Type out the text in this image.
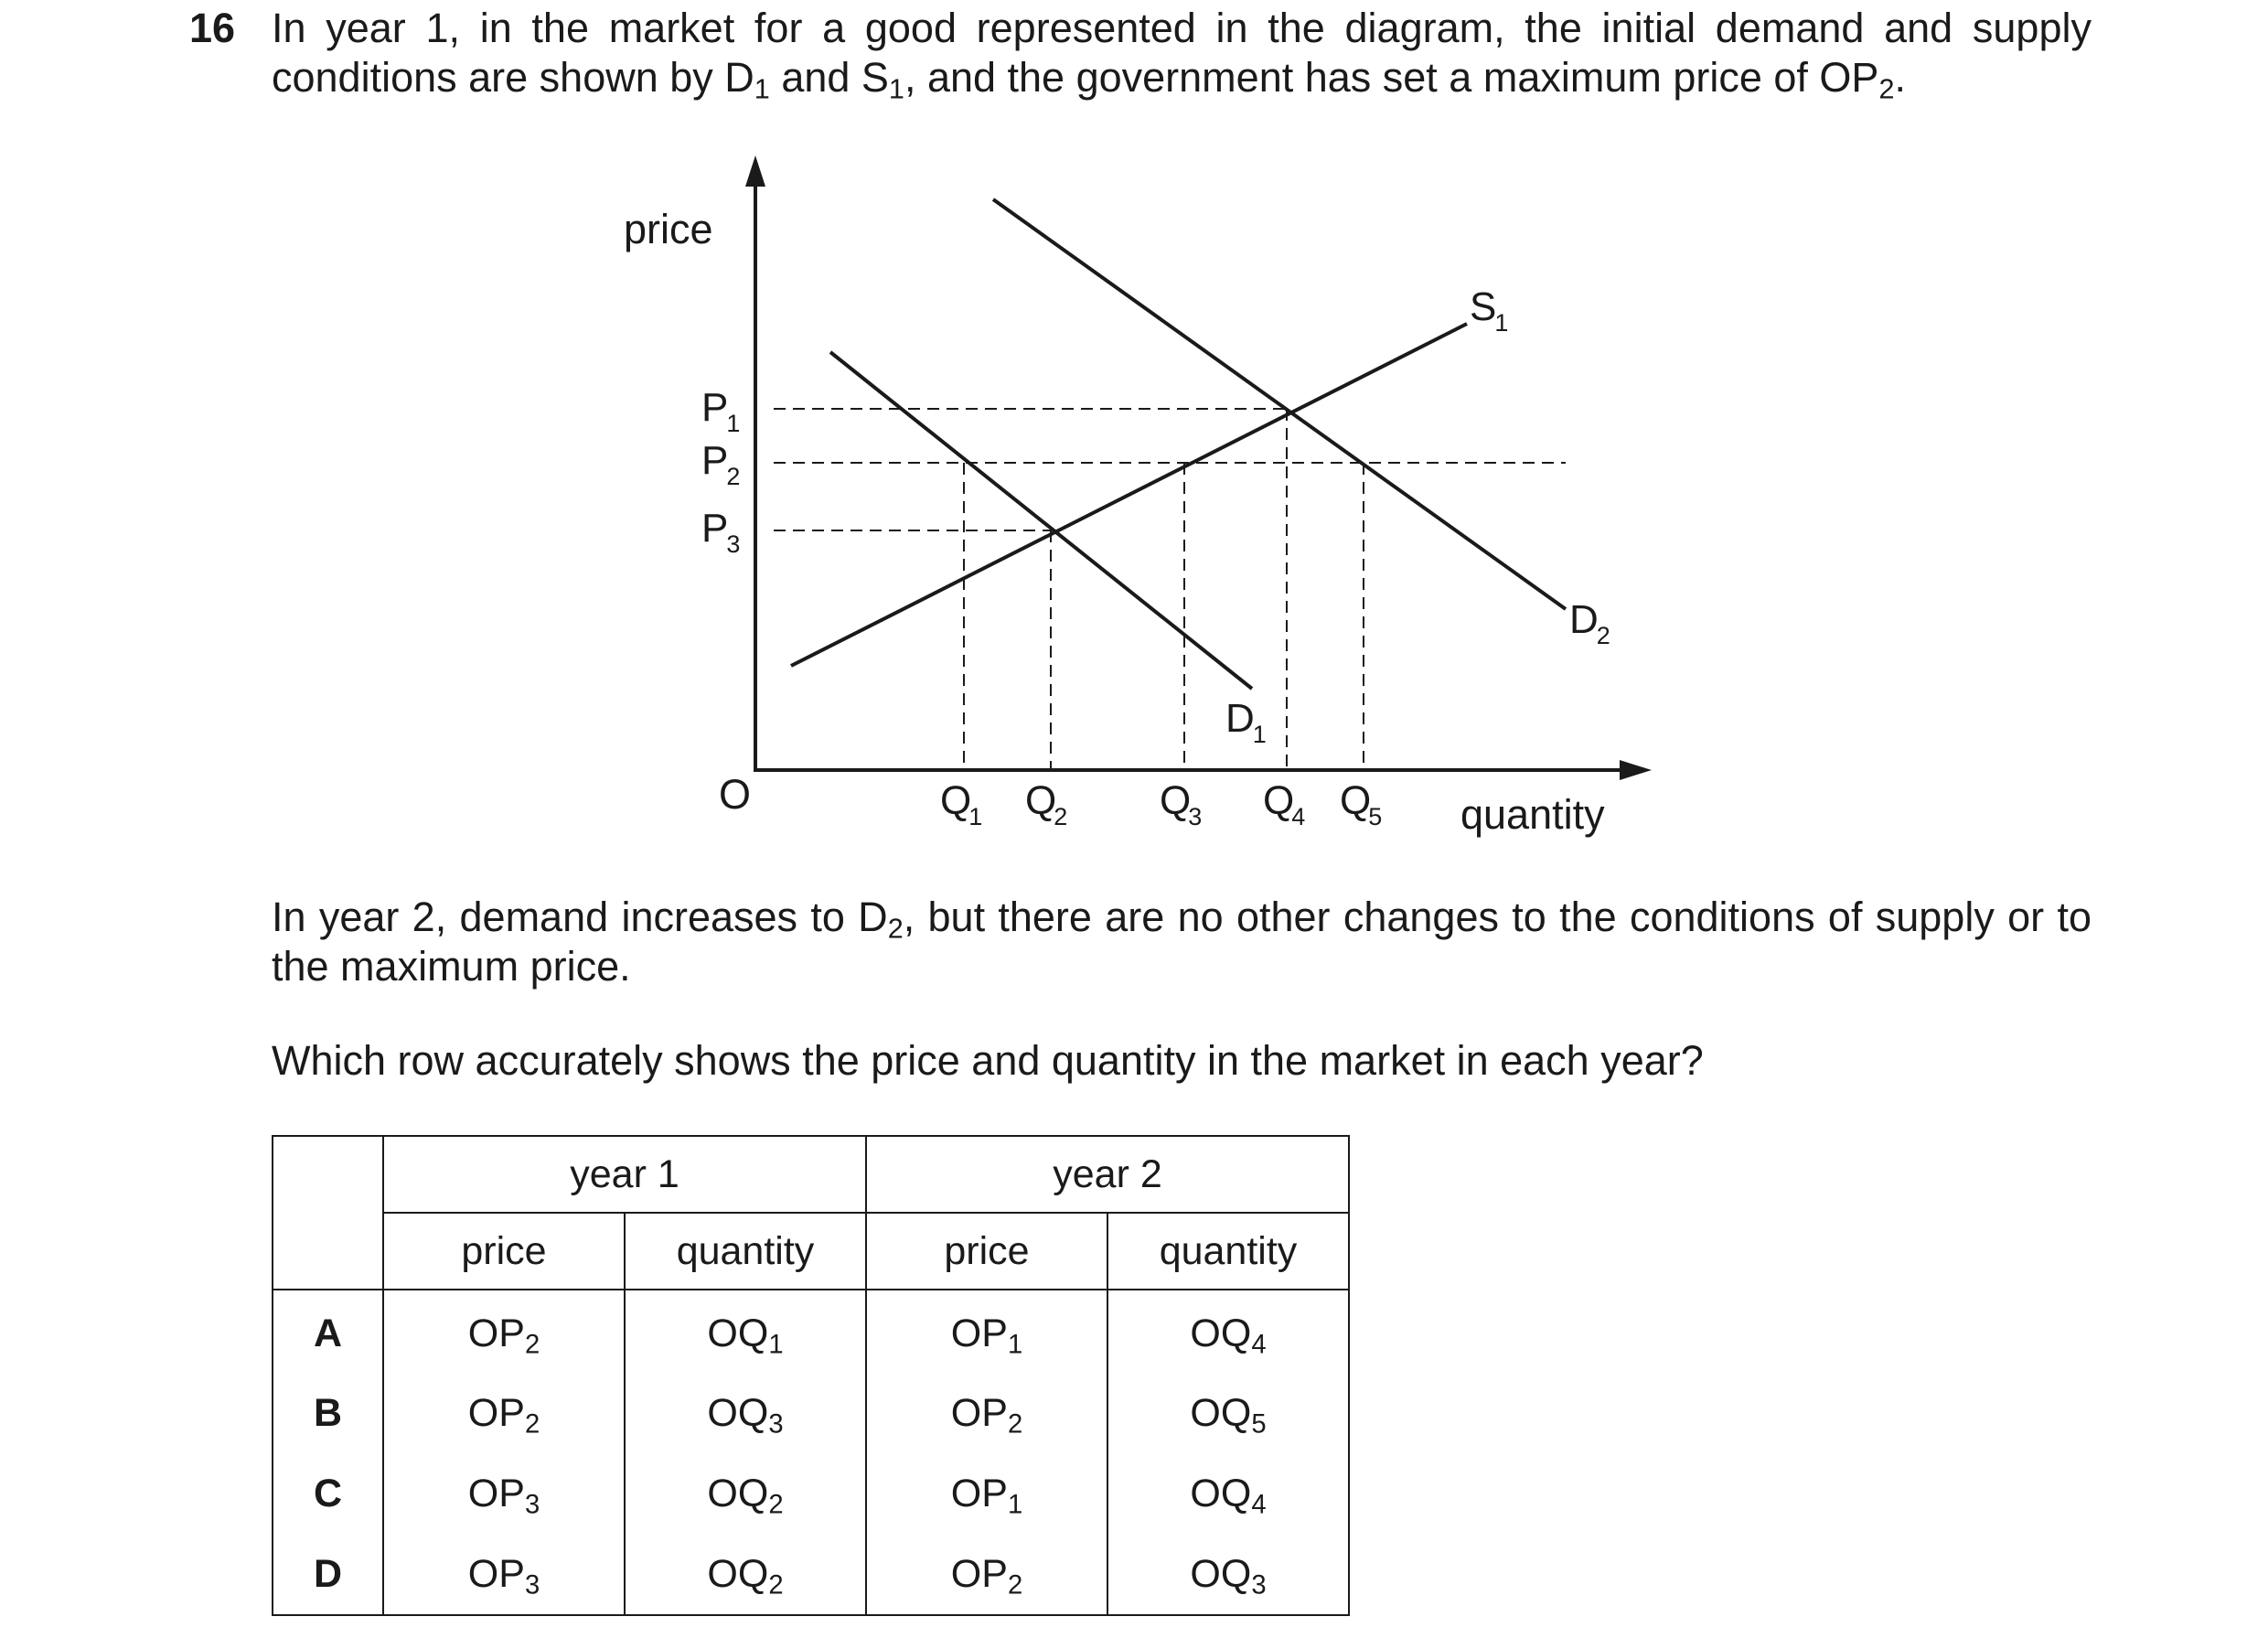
16 In year 1, in the market for a good represented in the diagram, the initial demand and supply conditions are shown by $D_1$ and $S_1$, and the government has set a maximum price of $OP_2$.
price
quantity
O
P1
P2
P3
Q1 Q2 Q3 Q4 Q5
S1
D1
D2
In year 2, demand increases to $D_2$, but there are no other changes to the conditions of supply or to the maximum price.
Which row accurately shows the price and quantity in the market in each year?
	year 1		year 2	
	price	quantity	price	quantity
A	$OP_2$	$OQ_1$	$OP_1$	$OQ_4$
B	$OP_2$	$OQ_3$	$OP_2$	$OQ_5$
C	$OP_3$	$OQ_2$	$OP_1$	$OQ_4$
D	$OP_3$	$OQ_2$	$OP_2$	$OQ_3$
